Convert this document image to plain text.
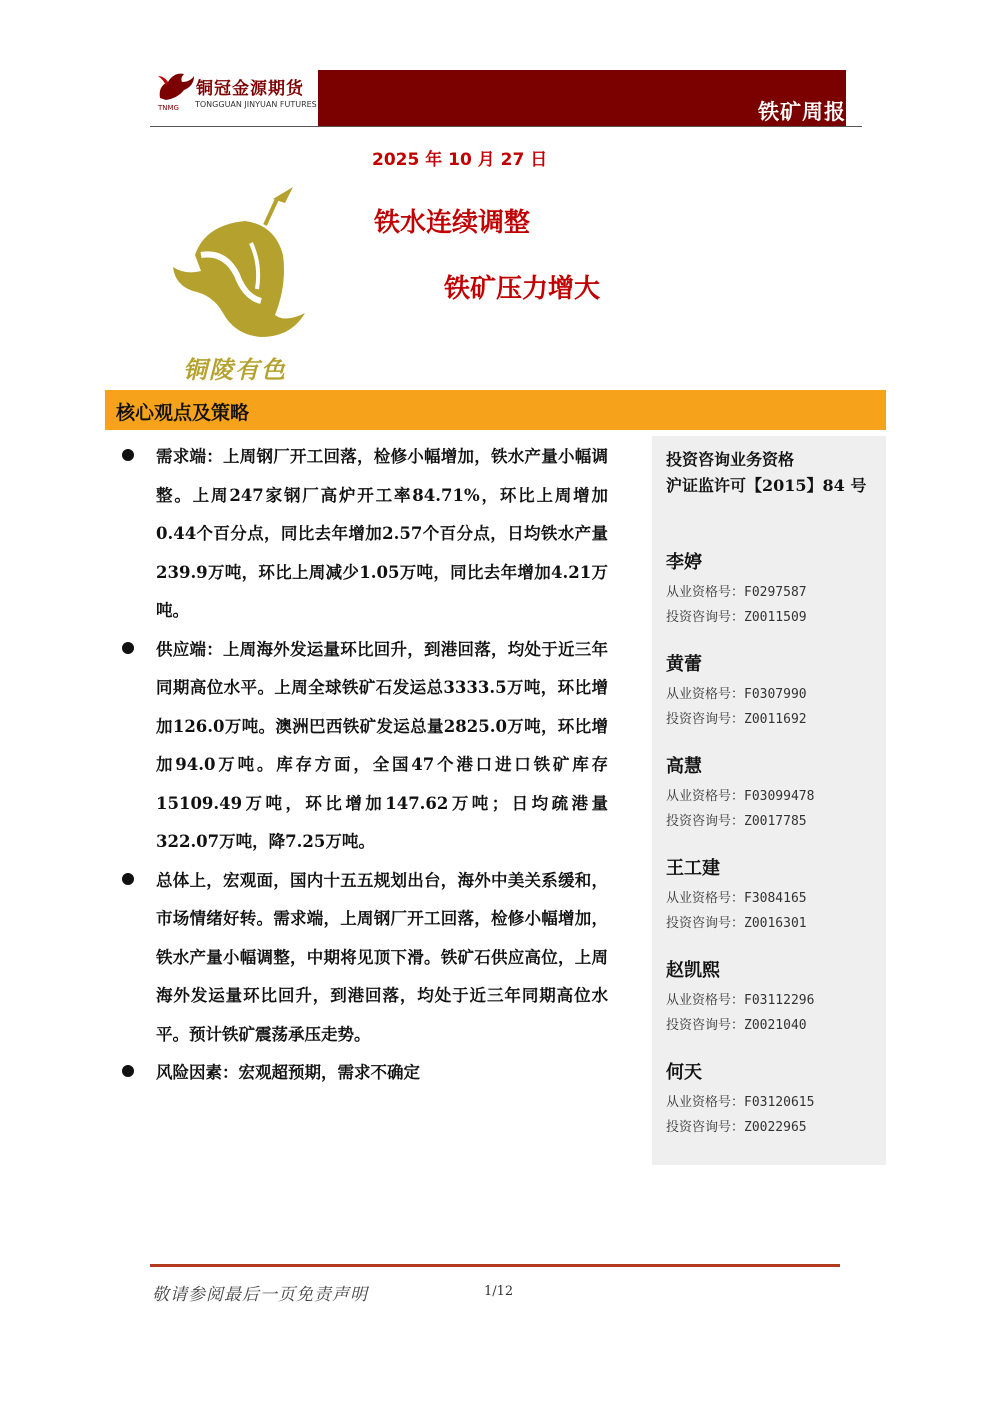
铁矿周报
铜冠金源期货
TONGGUAN JINYUAN FUTURES
TNMG
2025 年 10 月 27 日
铁水连续调整
铁矿压力增大
铜陵有色
核心观点及策略
需求端：上周钢厂开工回落，检修小幅增加，铁水产量小幅调整。上周247家钢厂高炉开工率84.71%，环比上周增加0.44个百分点，同比去年增加2.57个百分点，日均铁水产量 239.9万吨，环比上周减少1.05万吨，同比去年增加4.21万吨。
供应端：上周海外发运量环比回升，到港回落，均处于近三年同期高位水平。上周全球铁矿石发运总3333.5万吨，环比增加126.0万吨。澳洲巴西铁矿发运总量2825.0万吨，环比增加94.0万吨。库存方面，全国47个港口进口铁矿库存15109.49万吨，环比增加147.62万吨；日均疏港量322.07万吨，降7.25万吨。
总体上，宏观面，国内十五五规划出台，海外中美关系缓和，市场情绪好转。需求端，上周钢厂开工回落，检修小幅增加，铁水产量小幅调整，中期将见顶下滑。铁矿石供应高位，上周海外发运量环比回升，到港回落，均处于近三年同期高位水平。预计铁矿震荡承压走势。
风险因素：宏观超预期，需求不确定
投资咨询业务资格
沪证监许可【2015】84 号
李婷
从业资格号：F0297587
投资咨询号：Z0011509
黄蕾
从业资格号：F0307990
投资咨询号：Z0011692
高慧
从业资格号：F03099478
投资咨询号：Z0017785
王工建
从业资格号：F3084165
投资咨询号：Z0016301
赵凯熙
从业资格号：F03112296
投资咨询号：Z0021040
何天
从业资格号：F03120615
投资咨询号：Z0022965
敬请参阅最后一页免责声明	1/12
